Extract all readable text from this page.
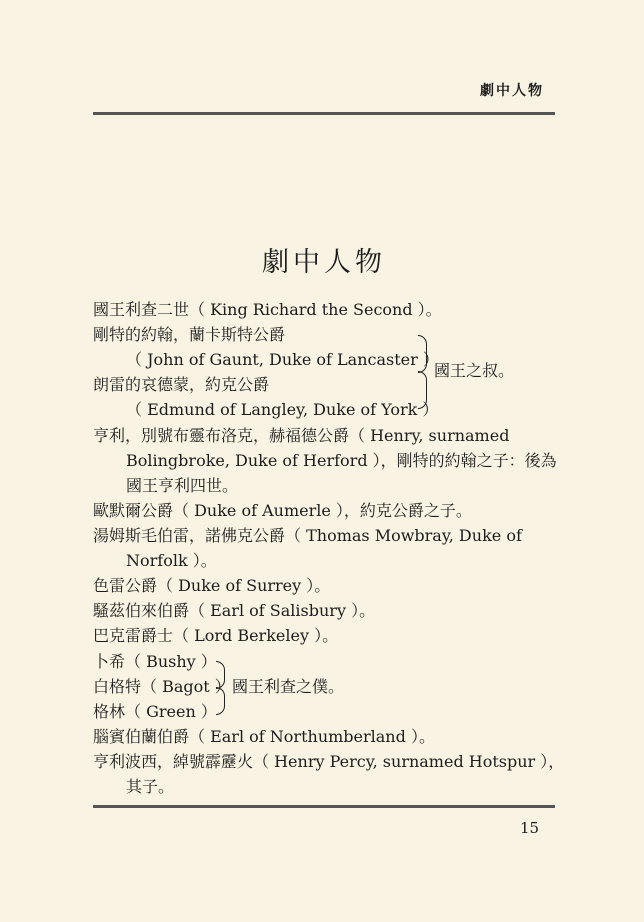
劇中人物
劇中人物
國王利查二世（ King Richard the Second ）。
剛特的約翰，蘭卡斯特公爵
（ John of Gaunt, Duke of Lancaster ）
朗雷的哀德蒙，約克公爵
（ Edmund of Langley, Duke of York ）
國王之叔。
亨利，別號布靈布洛克，赫福德公爵（ Henry, surnamed
Bolingbroke, Duke of Herford ），剛特的約翰之子：後為
國王亨利四世。
歐默爾公爵（ Duke of Aumerle ），約克公爵之子。
湯姆斯毛伯雷，諾佛克公爵（ Thomas Mowbray, Duke of
Norfolk ）。
色雷公爵（ Duke of Surrey ）。
騷茲伯來伯爵（ Earl of Salisbury ）。
巴克雷爵士（ Lord Berkeley ）。
卜希（ Bushy ）
白格特（ Bagot ）
格林（ Green ）
國王利查之僕。
腦賓伯蘭伯爵（ Earl of Northumberland ）。
亨利波西，綽號霹靂火（ Henry Percy, surnamed Hotspur ），
其子。
15
